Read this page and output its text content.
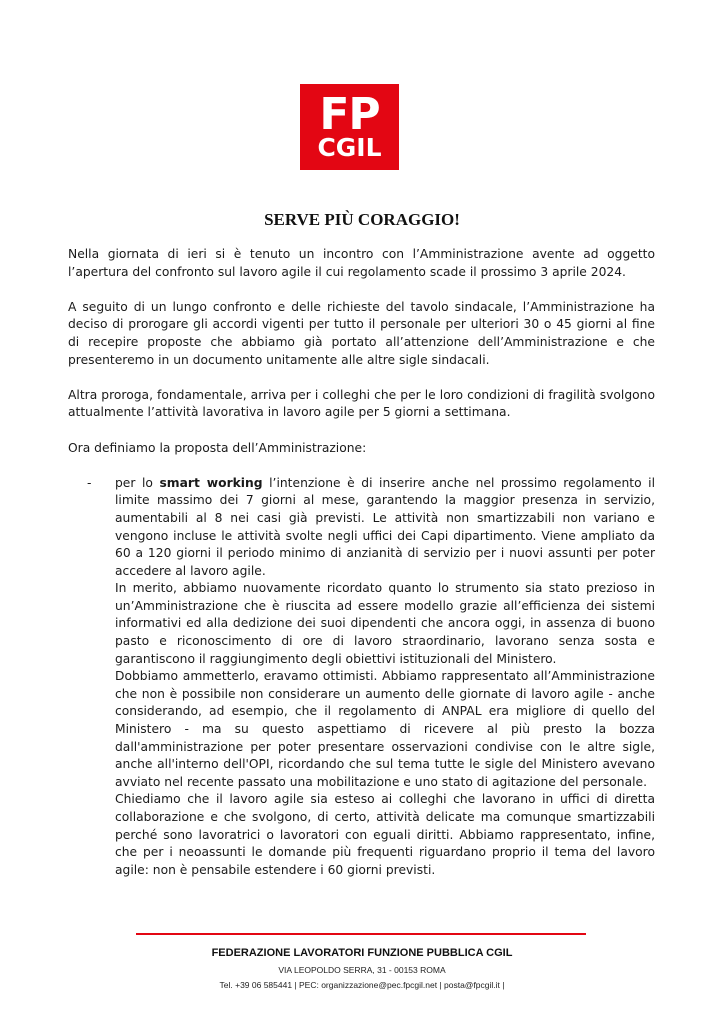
FP
CGIL
SERVE PIÙ CORAGGIO!

Nella giornata di ieri si è tenuto un incontro con l’Amministrazione avente ad oggetto l’apertura del confronto sul lavoro agile il cui regolamento scade il prossimo 3 aprile 2024.

A seguito di un lungo confronto e delle richieste del tavolo sindacale, l’Amministrazione ha deciso di prorogare gli accordi vigenti per tutto il personale per ulteriori 30 o 45 giorni al fine di recepire proposte che abbiamo già portato all’attenzione dell’Amministrazione e che presenteremo in un documento unitamente alle altre sigle sindacali.

Altra proroga, fondamentale, arriva per i colleghi che per le loro condizioni di fragilità svolgono attualmente l’attività lavorativa in lavoro agile per 5 giorni a settimana.

Ora definiamo la proposta dell’Amministrazione:

- per lo smart working l’intenzione è di inserire anche nel prossimo regolamento il limite massimo dei 7 giorni al mese, garantendo la maggior presenza in servizio, aumentabili al 8 nei casi già previsti. Le attività non smartizzabili non variano e vengono incluse le attività svolte negli uffici dei Capi dipartimento. Viene ampliato da 60 a 120 giorni il periodo minimo di anzianità di servizio per i nuovi assunti per poter accedere al lavoro agile.

In merito, abbiamo nuovamente ricordato quanto lo strumento sia stato prezioso in un’Amministrazione che è riuscita ad essere modello grazie all’efficienza dei sistemi informativi ed alla dedizione dei suoi dipendenti che ancora oggi, in assenza di buono pasto e riconoscimento di ore di lavoro straordinario, lavorano senza sosta e garantiscono il raggiungimento degli obiettivi istituzionali del Ministero.

Dobbiamo ammetterlo, eravamo ottimisti. Abbiamo rappresentato all’Amministrazione che non è possibile non considerare un aumento delle giornate di lavoro agile - anche considerando, ad esempio, che il regolamento di ANPAL era migliore di quello del Ministero - ma su questo aspettiamo di ricevere al più presto la bozza dall'amministrazione per poter presentare osservazioni condivise con le altre sigle, anche all'interno dell'OPI, ricordando che sul tema tutte le sigle del Ministero avevano avviato nel recente passato una mobilitazione e uno stato di agitazione del personale.

Chiediamo che il lavoro agile sia esteso ai colleghi che lavorano in uffici di diretta collaborazione e che svolgono, di certo, attività delicate ma comunque smartizzabili perché sono lavoratrici o lavoratori con eguali diritti. Abbiamo rappresentato, infine, che per i neoassunti le domande più frequenti riguardano proprio il tema del lavoro agile: non è pensabile estendere i 60 giorni previsti.

FEDERAZIONE LAVORATORI FUNZIONE PUBBLICA CGIL
VIA LEOPOLDO SERRA, 31 - 00153 ROMA
Tel. +39 06 585441 | PEC: organizzazione@pec.fpcgil.net | posta@fpcgil.it |
